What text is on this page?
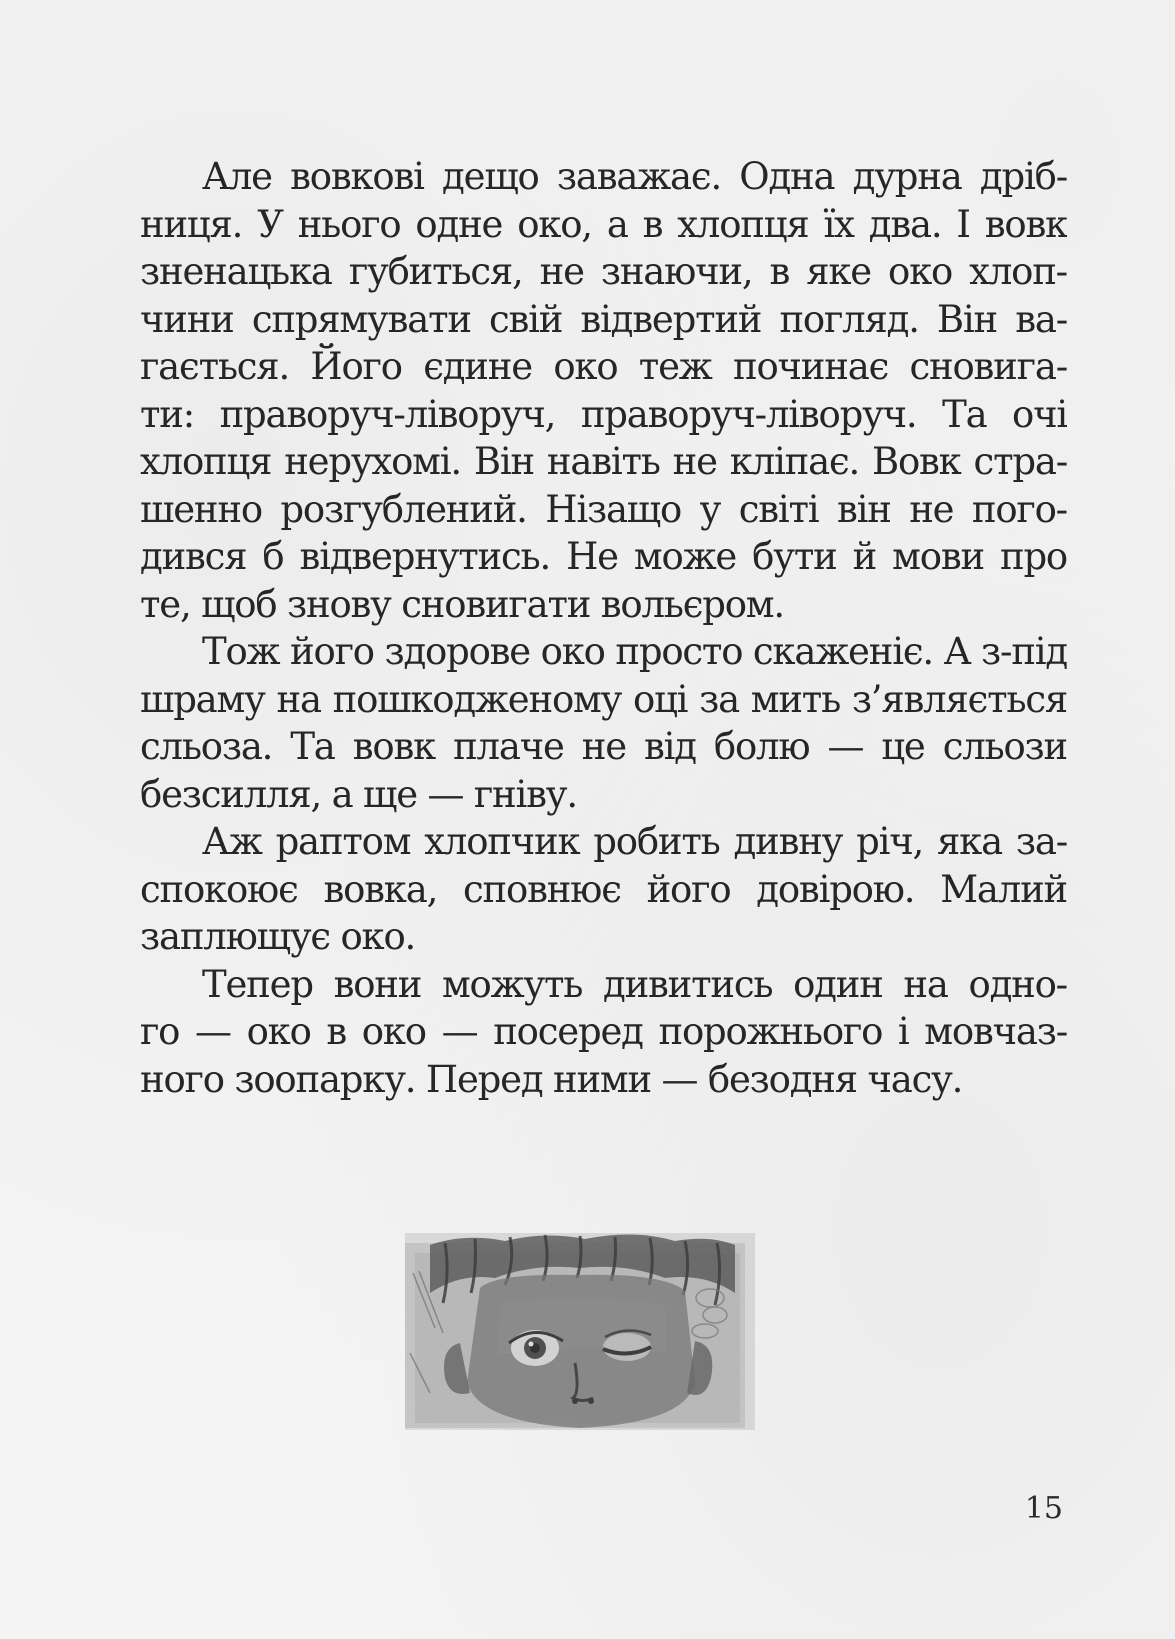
Але вовкові дещо заважає. Одна дурна дріб-
ниця. У нього одне око, а в хлопця їх два. І вовк
зненацька губиться, не знаючи, в яке око хлоп-
чини спрямувати свій відвертий погляд. Він ва-
гається. Його єдине око теж починає сновига-
ти: праворуч-ліворуч, праворуч-ліворуч. Та очі
хлопця нерухомі. Він навіть не кліпає. Вовк стра-
шенно розгублений. Нізащо у світі він не пого-
дився б відвернутись. Не може бути й мови про
те, щоб знову сновигати вольєром.
Тож його здорове око просто скаженіє. А з-під
шраму на пошкодженому оці за мить з’являється
сльоза. Та вовк плаче не від болю — це сльози
безсилля, а ще — гніву.
Аж раптом хлопчик робить дивну річ, яка за-
спокоює вовка, сповнює його довірою. Малий
заплющує око.
Тепер вони можуть дивитись один на одно-
го — око в око — посеред порожнього і мовчаз-
ного зоопарку. Перед ними — безодня часу.
15
